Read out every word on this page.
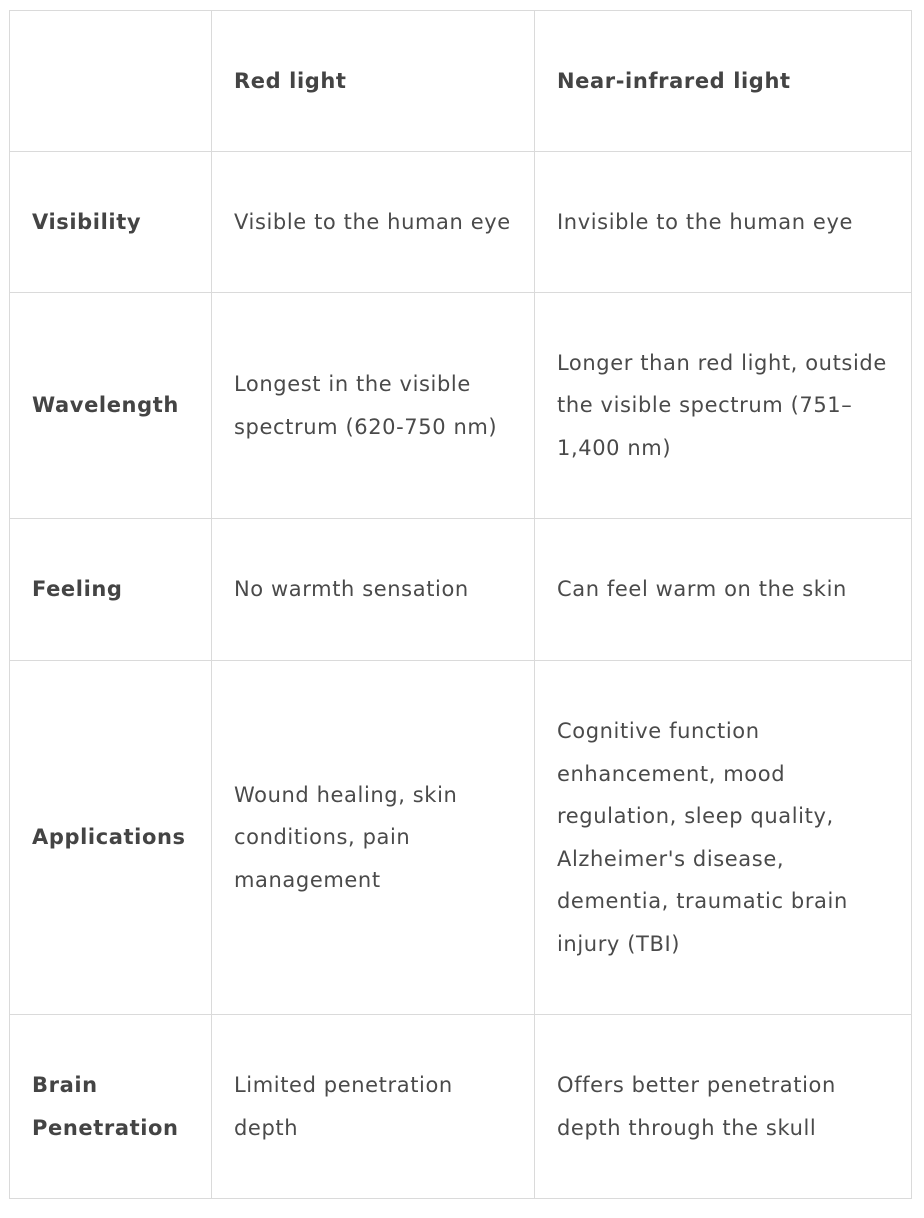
	Red light	Near-infrared light
Visibility	Visible to the human eye	Invisible to the human eye
Wavelength	Longest in the visible spectrum (620-750 nm)	Longer than red light, outside the visible spectrum (751–1,400 nm)
Feeling	No warmth sensation	Can feel warm on the skin
Applications	Wound healing, skin conditions, pain management	Cognitive function enhancement, mood regulation, sleep quality, Alzheimer's disease, dementia, traumatic brain injury (TBI)
Brain Penetration	Limited penetration depth	Offers better penetration depth through the skull
